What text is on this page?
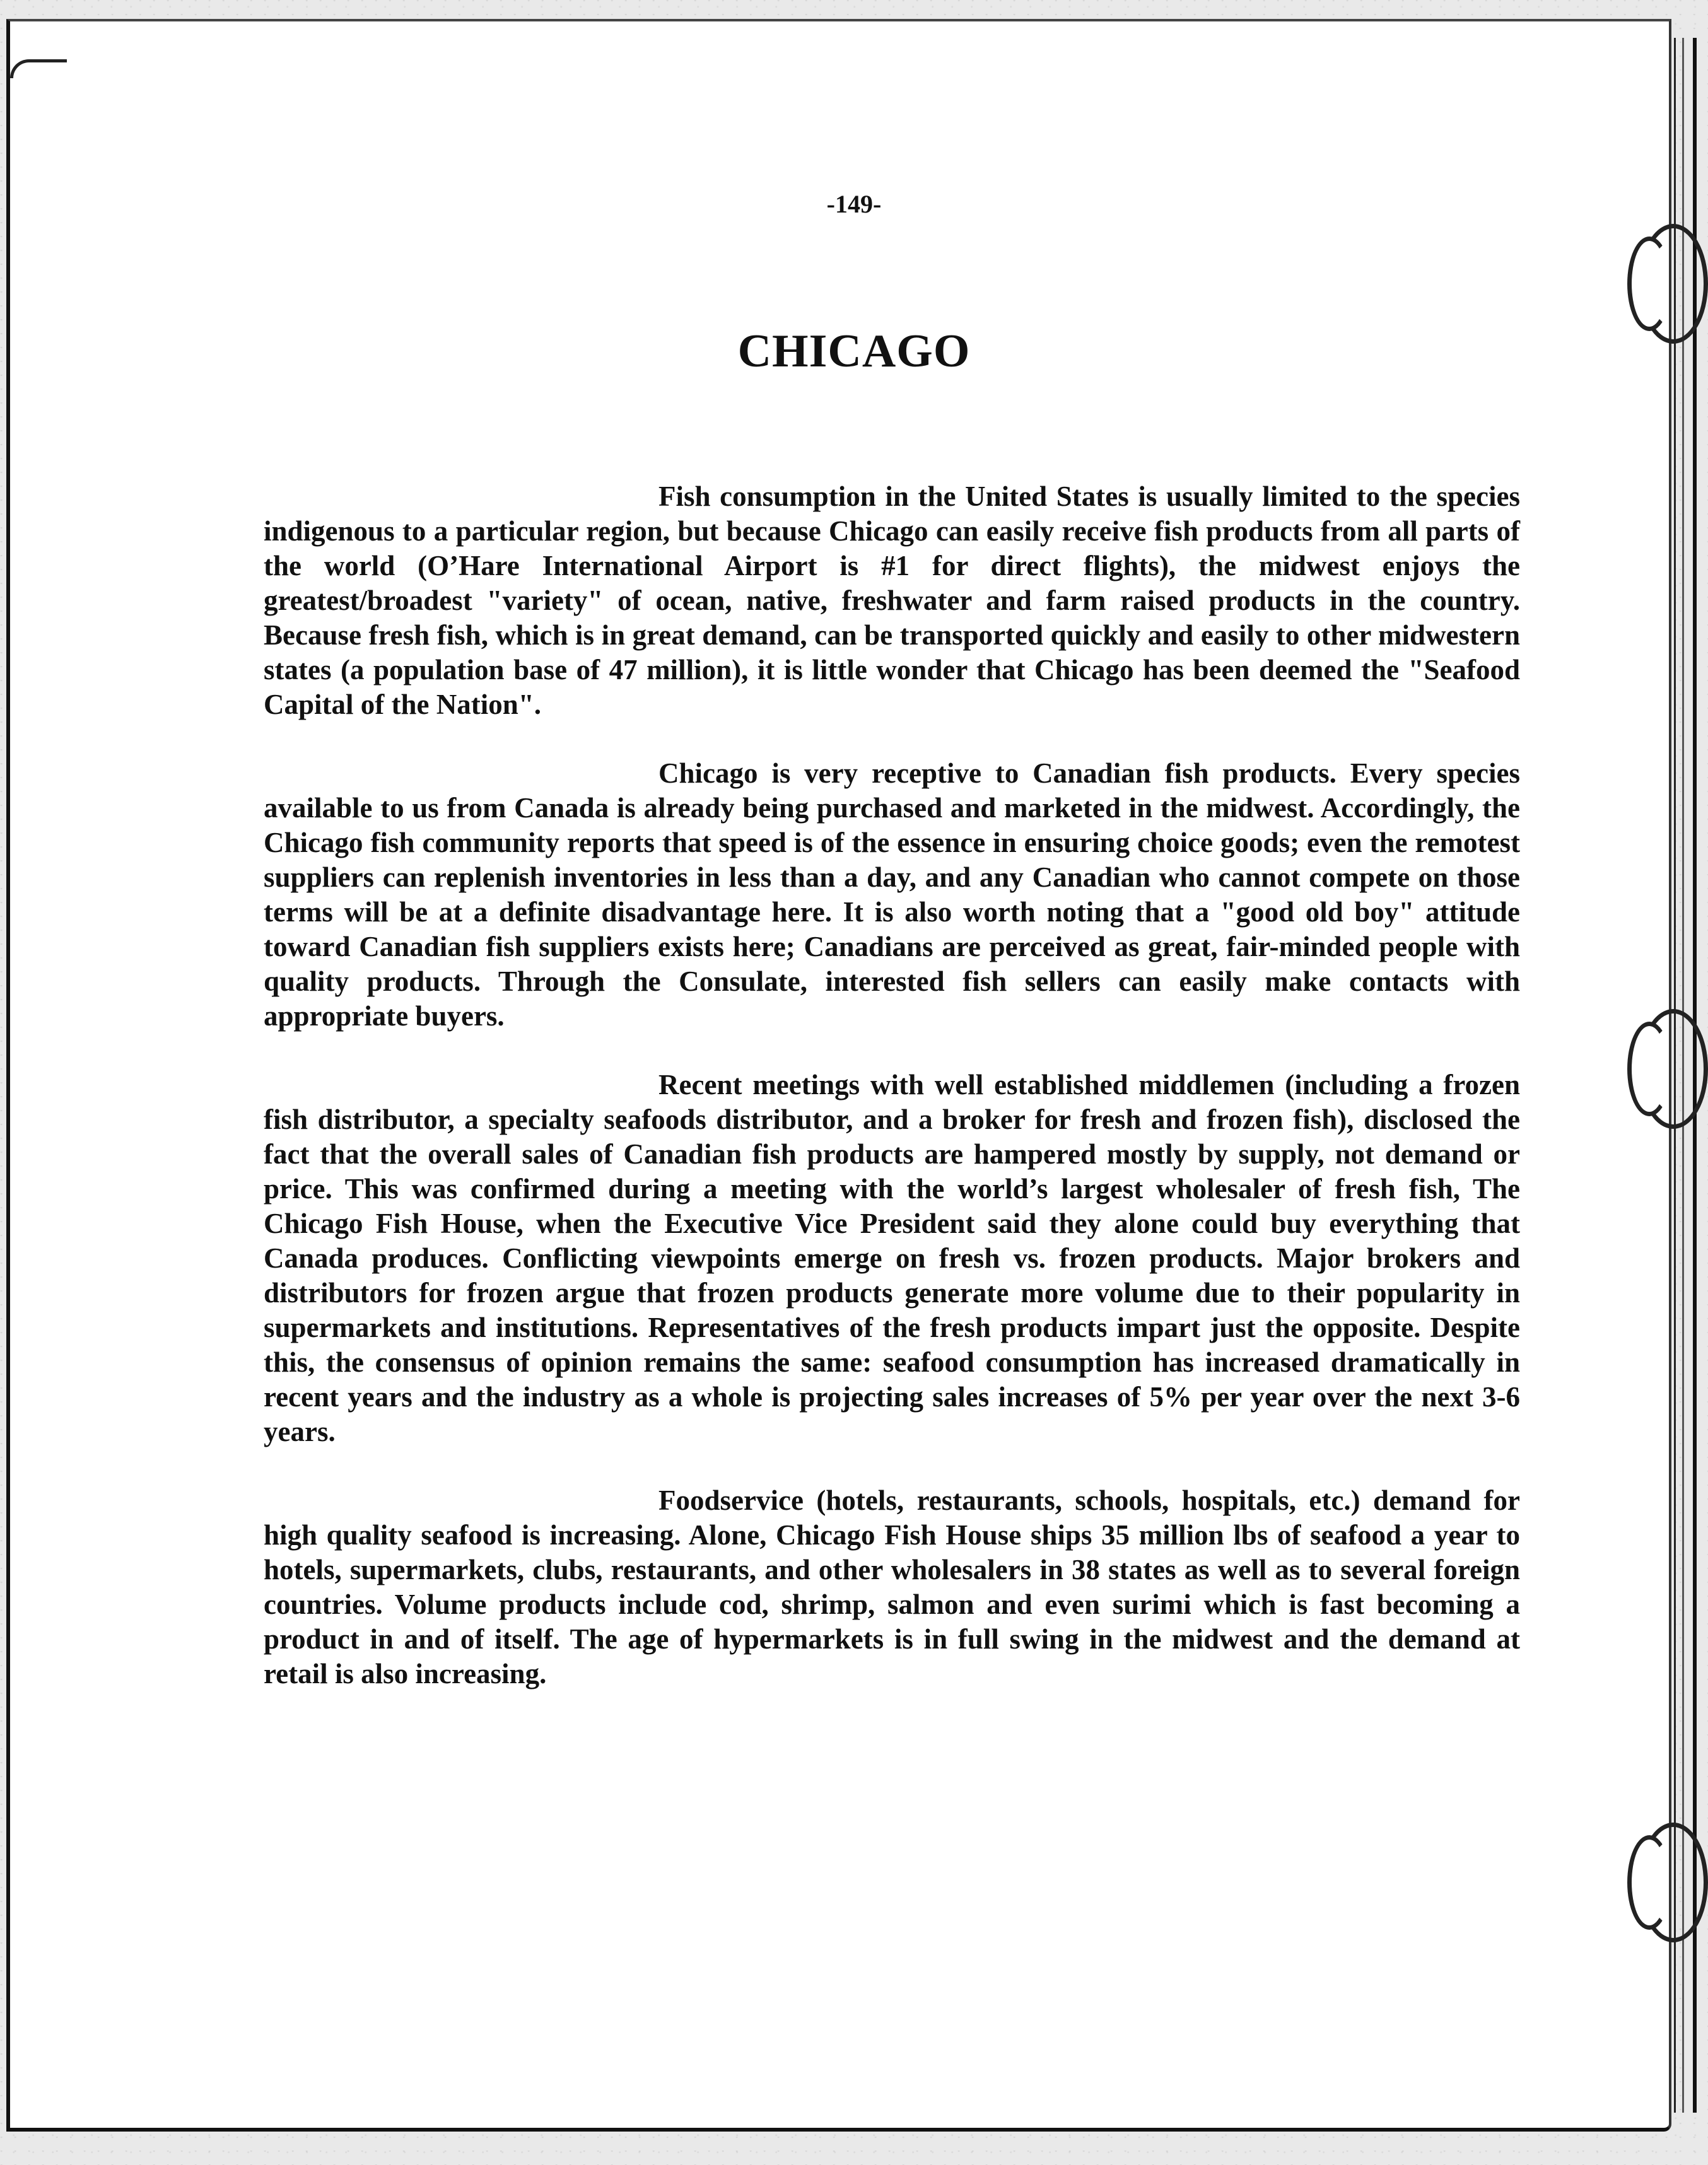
-149-
CHICAGO

Fish consumption in the United States is usually limited to the species indigenous to a particular region, but because Chicago can easily receive fish products from all parts of the world (O’Hare International Airport is #1 for direct flights), the midwest enjoys the greatest/broadest "variety" of ocean, native, freshwater and farm raised products in the country. Because fresh fish, which is in great demand, can be transported quickly and easily to other midwestern states (a population base of 47 million), it is little wonder that Chicago has been deemed the "Seafood Capital of the Nation".

Chicago is very receptive to Canadian fish products. Every species available to us from Canada is already being purchased and marketed in the midwest. Accordingly, the Chicago fish community reports that speed is of the essence in ensuring choice goods; even the remotest suppliers can replenish inventories in less than a day, and any Canadian who cannot compete on those terms will be at a definite disadvantage here. It is also worth noting that a "good old boy" attitude toward Canadian fish suppliers exists here; Canadians are perceived as great, fair-minded people with quality products. Through the Consulate, interested fish sellers can easily make contacts with appropriate buyers.

Recent meetings with well established middlemen (including a frozen fish distributor, a specialty seafoods distributor, and a broker for fresh and frozen fish), disclosed the fact that the overall sales of Canadian fish products are hampered mostly by supply, not demand or price. This was confirmed during a meeting with the world’s largest wholesaler of fresh fish, The Chicago Fish House, when the Executive Vice President said they alone could buy everything that Canada produces. Conflicting viewpoints emerge on fresh vs. frozen products. Major brokers and distributors for frozen argue that frozen products generate more volume due to their popularity in supermarkets and institutions. Representatives of the fresh products impart just the opposite. Despite this, the consensus of opinion remains the same: seafood consumption has increased dramatically in recent years and the industry as a whole is projecting sales increases of 5% per year over the next 3-6 years.

Foodservice (hotels, restaurants, schools, hospitals, etc.) demand for high quality seafood is increasing. Alone, Chicago Fish House ships 35 million lbs of seafood a year to hotels, supermarkets, clubs, restaurants, and other wholesalers in 38 states as well as to several foreign countries. Volume products include cod, shrimp, salmon and even surimi which is fast becoming a product in and of itself. The age of hypermarkets is in full swing in the midwest and the demand at retail is also increasing.
